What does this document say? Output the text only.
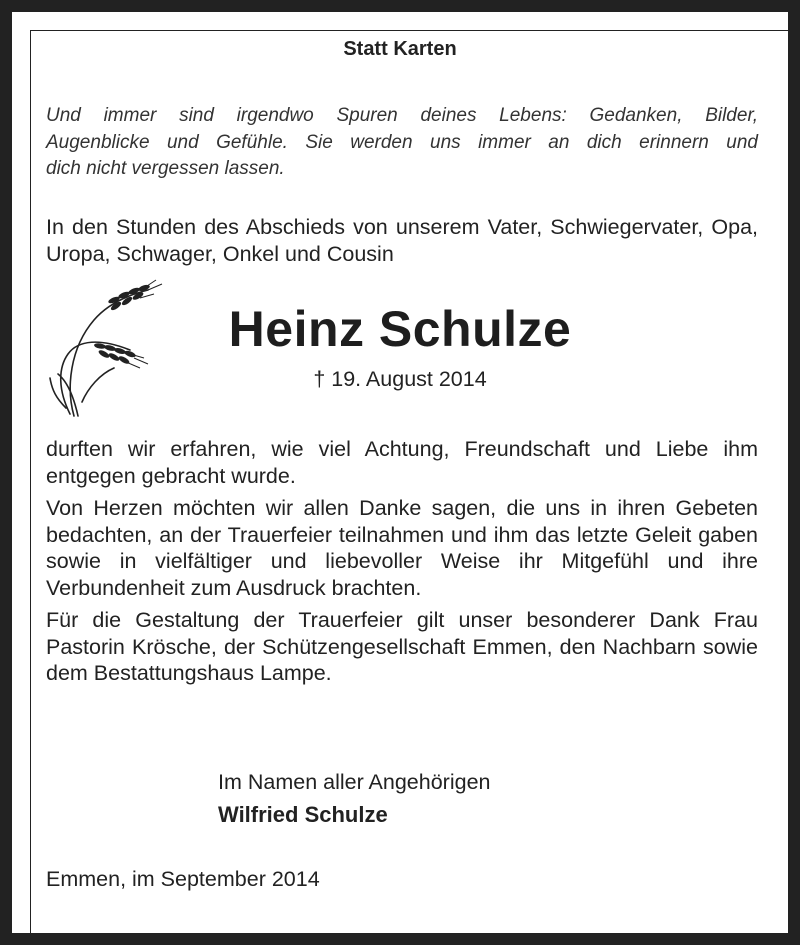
Statt Karten
Und immer sind irgendwo Spuren deines Lebens: Gedanken, Bilder,
Augenblicke und Gefühle. Sie werden uns immer an dich erinnern und
dich nicht vergessen lassen.

In den Stunden des Abschieds von unserem Vater, Schwiegervater, Opa, Uropa, Schwager, Onkel und Cousin

Heinz Schulze
† 19. August 2014

durften wir erfahren, wie viel Achtung, Freundschaft und Liebe ihm entgegen gebracht wurde.

Von Herzen möchten wir allen Danke sagen, die uns in ihren Gebeten bedachten, an der Trauerfeier teilnahmen und ihm das letzte Geleit gaben sowie in vielfältiger und liebevoller Weise ihr Mitgefühl und ihre Verbundenheit zum Ausdruck brachten.

Für die Gestaltung der Trauerfeier gilt unser besonderer Dank Frau Pastorin Krösche, der Schützengesellschaft Emmen, den Nachbarn sowie dem Bestattungshaus Lampe.

Im Namen aller Angehörigen
Wilfried Schulze
Emmen, im September 2014
